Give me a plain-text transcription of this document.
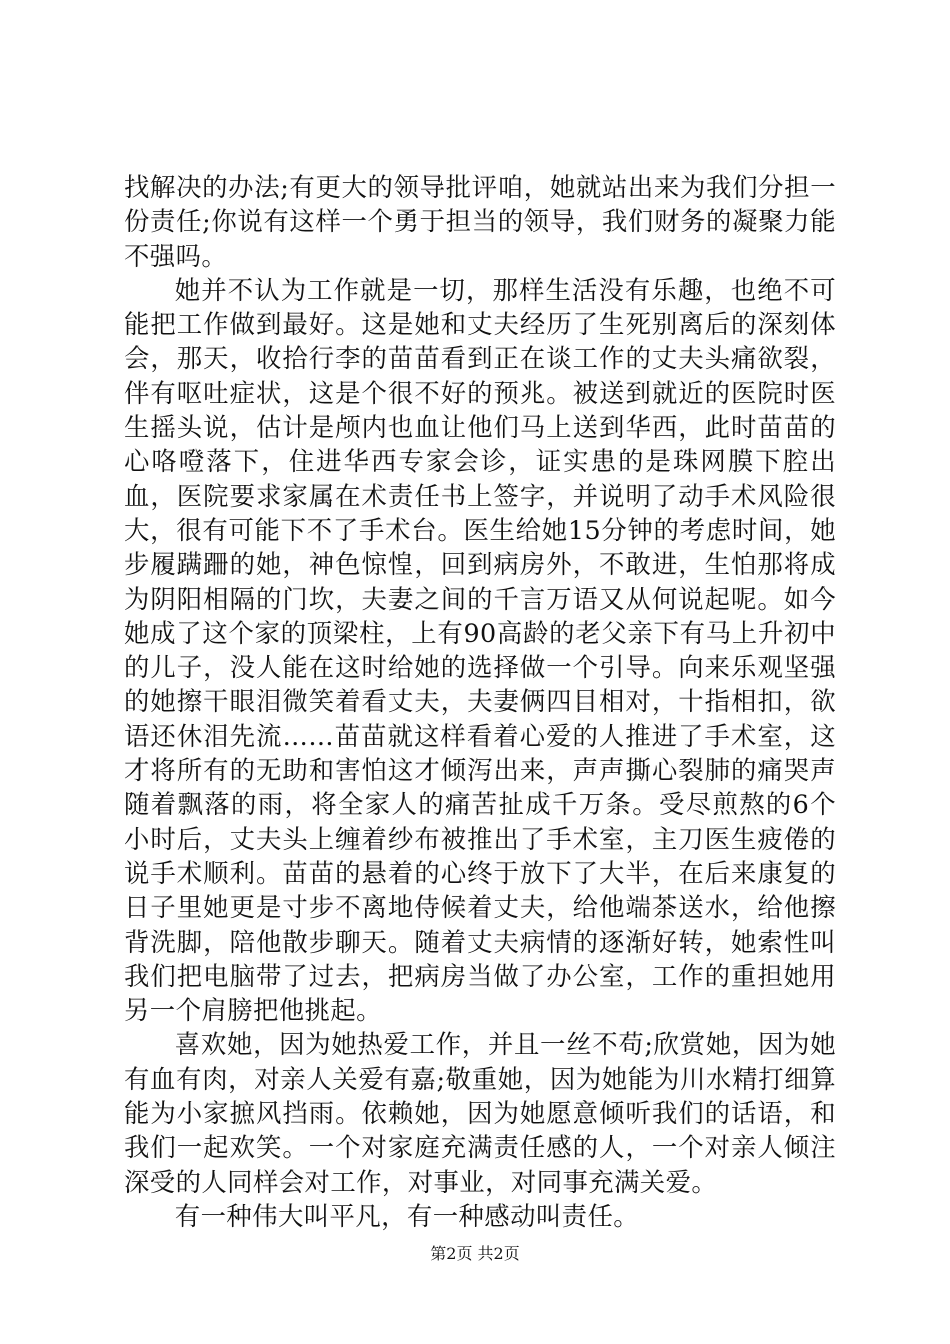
找解决的办法;有更大的领导批评咱，她就站出来为我们分担一份责任;你说有这样一个勇于担当的领导，我们财务的凝聚力能不强吗。

她并不认为工作就是一切，那样生活没有乐趣，也绝不可能把工作做到最好。这是她和丈夫经历了生死别离后的深刻体会，那天，收拾行李的苗苗看到正在谈工作的丈夫头痛欲裂，伴有呕吐症状，这是个很不好的预兆。被送到就近的医院时医生摇头说，估计是颅内也血让他们马上送到华西，此时苗苗的心咯噔落下，住进华西专家会诊，证实患的是珠网膜下腔出血，医院要求家属在术责任书上签字，并说明了动手术风险很大，很有可能下不了手术台。医生给她15分钟的考虑时间，她步履蹒跚的她，神色惊惶，回到病房外，不敢进，生怕那将成为阴阳相隔的门坎，夫妻之间的千言万语又从何说起呢。如今她成了这个家的顶梁柱，上有90高龄的老父亲下有马上升初中的儿子，没人能在这时给她的选择做一个引导。向来乐观坚强的她擦干眼泪微笑着看丈夫，夫妻俩四目相对，十指相扣，欲语还休泪先流……苗苗就这样看着心爱的人推进了手术室，这才将所有的无助和害怕这才倾泻出来，声声撕心裂肺的痛哭声随着飘落的雨，将全家人的痛苦扯成千万条。受尽煎熬的6个小时后，丈夫头上缠着纱布被推出了手术室，主刀医生疲倦的说手术顺利。苗苗的悬着的心终于放下了大半，在后来康复的日子里她更是寸步不离地侍候着丈夫，给他端茶送水，给他擦背洗脚，陪他散步聊天。随着丈夫病情的逐渐好转，她索性叫我们把电脑带了过去，把病房当做了办公室，工作的重担她用另一个肩膀把他挑起。

喜欢她，因为她热爱工作，并且一丝不苟;欣赏她，因为她有血有肉，对亲人关爱有嘉;敬重她，因为她能为川水精打细算能为小家摭风挡雨。依赖她，因为她愿意倾听我们的话语，和我们一起欢笑。一个对家庭充满责任感的人，一个对亲人倾注深受的人同样会对工作，对事业，对同事充满关爱。

有一种伟大叫平凡，有一种感动叫责任。

第2页 共2页
